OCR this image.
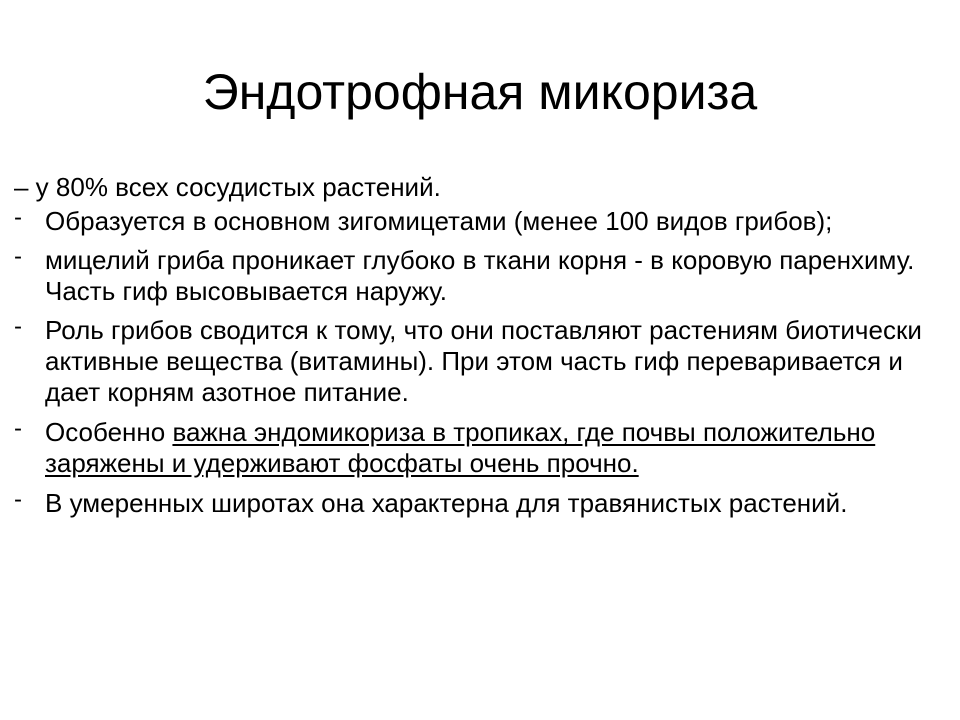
Эндотрофная микориза

– у 80% всех сосудистых растений.

- Образуется в основном зигомицетами (менее 100 видов грибов);
- мицелий гриба проникает глубоко в ткани корня - в коровую паренхиму. Часть гиф высовывается наружу.
- Роль грибов сводится к тому, что они поставляют растениям биотически активные вещества (витамины). При этом часть гиф переваривается и дает корням азотное питание.
- Особенно важна эндомикориза в тропиках, где почвы положительно заряжены и удерживают фосфаты очень прочно.
- В умеренных широтах она характерна для травянистых растений.
